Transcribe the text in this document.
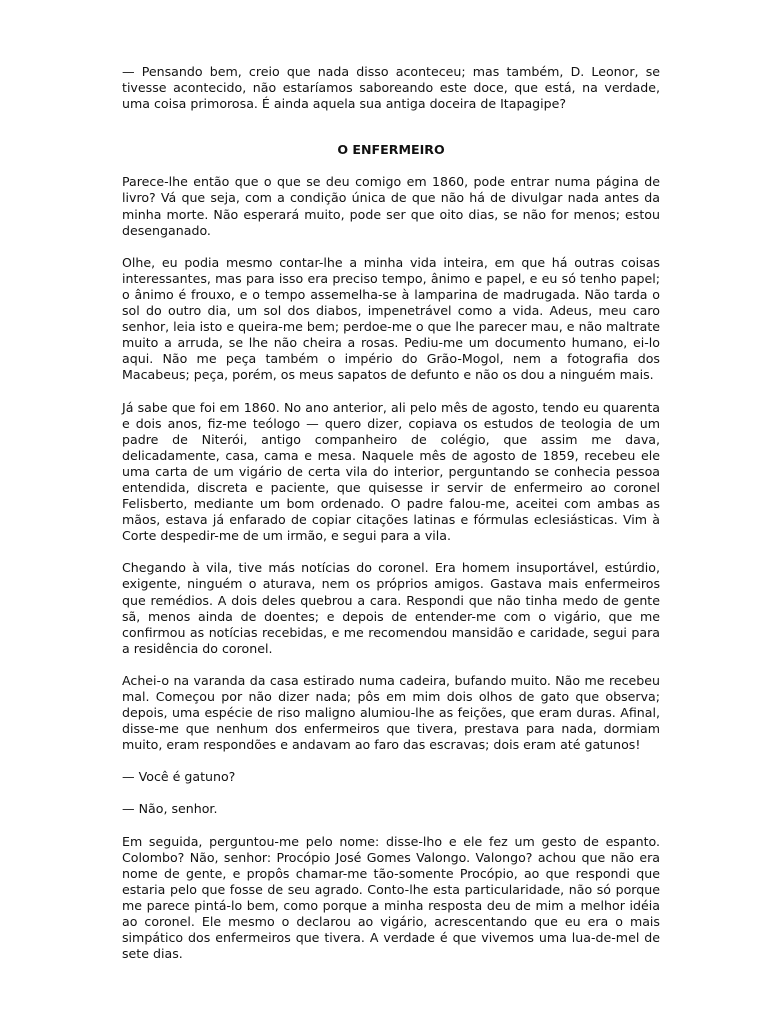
— Pensando bem, creio que nada disso aconteceu; mas também, D. Leonor, se tivesse acontecido, não estaríamos saboreando este doce, que está, na verdade, uma coisa primorosa. É ainda aquela sua antiga doceira de Itapagipe?

O ENFERMEIRO

Parece-lhe então que o que se deu comigo em 1860, pode entrar numa página de livro? Vá que seja, com a condição única de que não há de divulgar nada antes da minha morte. Não esperará muito, pode ser que oito dias, se não for menos; estou desenganado.

Olhe, eu podia mesmo contar-lhe a minha vida inteira, em que há outras coisas interessantes, mas para isso era preciso tempo, ânimo e papel, e eu só tenho papel; o ânimo é frouxo, e o tempo assemelha-se à lamparina de madrugada. Não tarda o sol do outro dia, um sol dos diabos, impenetrável como a vida. Adeus, meu caro senhor, leia isto e queira-me bem; perdoe-me o que lhe parecer mau, e não maltrate muito a arruda, se lhe não cheira a rosas. Pediu-me um documento humano, ei-lo aqui. Não me peça também o império do Grão-Mogol, nem a fotografia dos Macabeus; peça, porém, os meus sapatos de defunto e não os dou a ninguém mais.

Já sabe que foi em 1860. No ano anterior, ali pelo mês de agosto, tendo eu quarenta e dois anos, fiz-me teólogo — quero dizer, copiava os estudos de teologia de um padre de Niterói, antigo companheiro de colégio, que assim me dava, delicadamente, casa, cama e mesa. Naquele mês de agosto de 1859, recebeu ele uma carta de um vigário de certa vila do interior, perguntando se conhecia pessoa entendida, discreta e paciente, que quisesse ir servir de enfermeiro ao coronel Felisberto, mediante um bom ordenado. O padre falou-me, aceitei com ambas as mãos, estava já enfarado de copiar citações latinas e fórmulas eclesiásticas. Vim à Corte despedir-me de um irmão, e segui para a vila.

Chegando à vila, tive más notícias do coronel. Era homem insuportável, estúrdio, exigente, ninguém o aturava, nem os próprios amigos. Gastava mais enfermeiros que remédios. A dois deles quebrou a cara. Respondi que não tinha medo de gente sã, menos ainda de doentes; e depois de entender-me com o vigário, que me confirmou as notícias recebidas, e me recomendou mansidão e caridade, segui para a residência do coronel.

Achei-o na varanda da casa estirado numa cadeira, bufando muito. Não me recebeu mal. Começou por não dizer nada; pôs em mim dois olhos de gato que observa; depois, uma espécie de riso maligno alumiou-lhe as feições, que eram duras. Afinal, disse-me que nenhum dos enfermeiros que tivera, prestava para nada, dormiam muito, eram respondões e andavam ao faro das escravas; dois eram até gatunos!

— Você é gatuno?

— Não, senhor.

Em seguida, perguntou-me pelo nome: disse-lho e ele fez um gesto de espanto. Colombo? Não, senhor: Procópio José Gomes Valongo. Valongo? achou que não era nome de gente, e propôs chamar-me tão-somente Procópio, ao que respondi que estaria pelo que fosse de seu agrado. Conto-lhe esta particularidade, não só porque me parece pintá-lo bem, como porque a minha resposta deu de mim a melhor idéia ao coronel. Ele mesmo o declarou ao vigário, acrescentando que eu era o mais simpático dos enfermeiros que tivera. A verdade é que vivemos uma lua-de-mel de sete dias.
